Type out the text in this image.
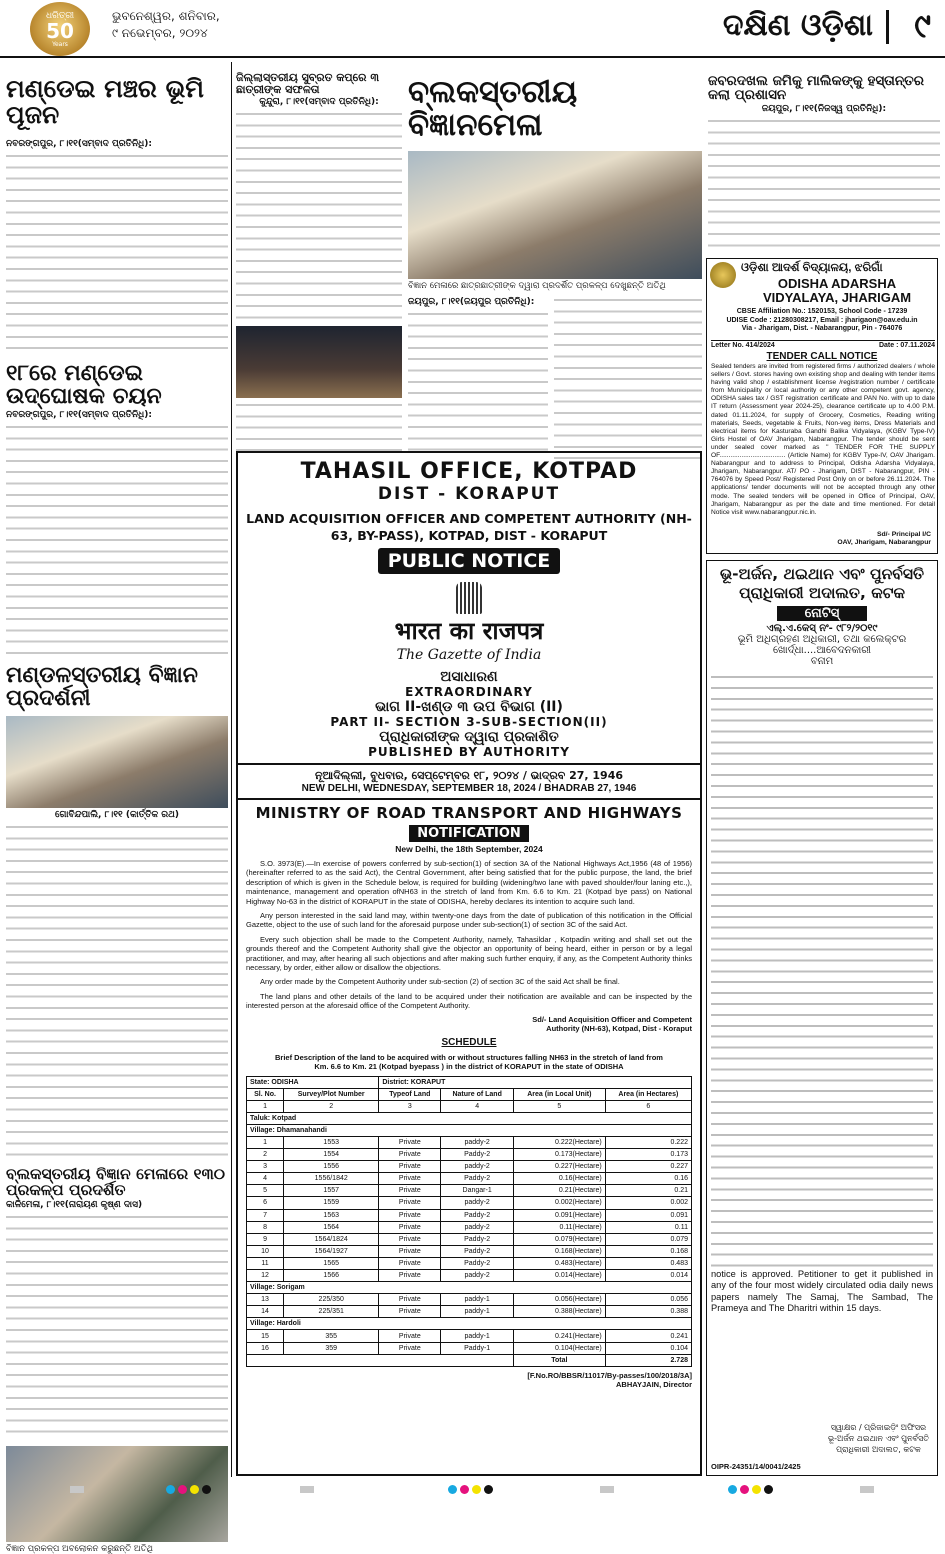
ଧରିତ୍ରୀ
50
Years
ଭୁବନେଶ୍ୱର, ଶନିବାର,
୯ ନଭେମ୍ବର, ୨୦୨୪	ଦକ୍ଷିଣ ଓଡ଼ିଶା ୯
ମଣ୍ଡେଇ ମଞ୍ଚର ଭୂମି ପୂଜନ
ନବରଙ୍ଗପୁର, ୮।୧୧(ସମ୍ବାଦ ପ୍ରତିନିଧି):
୧୮ରେ ମଣ୍ଡେଇ ଉଦ୍‌ଘୋଷକ ଚୟନ
ନବରଙ୍ଗପୁର, ୮।୧୧(ସମ୍ବାଦ ପ୍ରତିନିଧି):
ମଣ୍ଡଳସ୍ତରୀୟ ବିଜ୍ଞାନ ପ୍ରଦର୍ଶନୀ
ଗୋବିନ୍ଦପାଲି, ୮।୧୧ (କାର୍ତ୍ତିକ ରଥ)
ବ୍ଲକସ୍ତରୀୟ ବିଜ୍ଞାନ ମେଳାରେ ୧୩୦ ପ୍ରକଳ୍ପ ପ୍ରଦର୍ଶିତ
କାଳିମେଳା, ୮।୧୧(ନାରାୟଣ କୃଷ୍ଣ ଦାସ)
ବିଜ୍ଞାନ ପ୍ରକଳ୍ପ ଅବଲୋକନ କରୁଛନ୍ତି ଅତିଥି
ଜିଲ୍ଲାସ୍ତରୀୟ ସୁବ୍ରତ କପ୍‌ରେ ୩ ଛାତ୍ରୀଙ୍କ ସଫଳତା
କୁନ୍ଦୁରା, ୮।୧୧(ସମ୍ବାଦ ପ୍ରତିନିଧି): ବ୍ଲକସ୍ତରୀୟ ବିଜ୍ଞାନମେଳା
ବିଜ୍ଞାନ ମେଳାରେ ଛାତ୍ରଛାତ୍ରୀଙ୍କ ଦ୍ୱାରା ପ୍ରଦର୍ଶିତ ପ୍ରକଳ୍ପ ଦେଖୁଛନ୍ତି ଅତିଥି
ଜୟପୁର, ୮।୧୧(ଜୟପୁର ପ୍ରତିନିଧି):
TAHASIL OFFICE, KOTPAD
DIST - KORAPUT
LAND ACQUISITION OFFICER AND COMPETENT AUTHORITY (NH-63, BY-PASS), KOTPAD, DIST - KORAPUT
PUBLIC NOTICE
भारत का राजपत्र
The Gazette of India
ଅସାଧାରଣ
EXTRAORDINARY
ଭାଗ II-ଖଣ୍ଡ ୩ ଉପ ବିଭାଗ (II)
PART II- SECTION 3-SUB-SECTION(II)
ପ୍ରାଧିକାରୀଙ୍କ ଦ୍ୱାରା ପ୍ରକାଶିତ
PUBLISHED BY AUTHORITY
ନୂଆଦିଲ୍ଲୀ, ବୁଧବାର, ସେପ୍ଟେମ୍ବର ୧୮, ୨୦୨୪ / ଭାଦ୍ରବ 27, 1946
NEW DELHI, WEDNESDAY, SEPTEMBER 18, 2024 / BHADRAB 27, 1946
MINISTRY OF ROAD TRANSPORT AND HIGHWAYS
NOTIFICATION
New Delhi, the 18th September, 2024
S.O. 3973(E).—In exercise of powers conferred by sub-section(1) of section 3A of the National Highways Act,1956 (48 of 1956) (hereinafter referred to as the said Act), the Central Government, after being satisfied that for the public purpose, the land, the brief description of which is given in the Schedule below, is required for building (widening/two lane with paved shoulder/four laning etc.,), maintenance, management and operation ofNH63 in the stretch of land from Km. 6.6 to Km. 21 (Kotpad bye pass) on National Highway No-63 in the district of KORAPUT in the state of ODISHA, hereby declares its intention to acquire such land.
Any person interested in the said land may, within twenty-one days from the date of publication of this notification in the Official Gazette, object to the use of such land for the aforesaid purpose under sub-section(1) of section 3C of the said Act.
Every such objection shall be made to the Competent Authority, namely, Tahasildar , Kotpadin writing and shall set out the grounds thereof and the Competent Authority shall give the objector an opportunity of being heard, either in person or by a legal practitioner, and may, after hearing all such objections and after making such further enquiry, if any, as the Competent Authority thinks necessary, by order, either allow or disallow the objections.
Any order made by the Competent Authority under sub-section (2) of section 3C of the said Act shall be final.
The land plans and other details of the land to be acquired under their notification are available and can be inspected by the interested person at the aforesaid office of the Competent Authority.
Sd/- Land Acquisition Officer and Competent
Authority (NH-63), Kotpad, Dist - Koraput
SCHEDULE
Brief Description of the land to be acquired with or without structures falling NH63 in the stretch of land from Km. 6.6 to Km. 21 (Kotpad byepass ) in the district of KORAPUT in the state of ODISHA
State: ODISHA		District: KORAPUT			
Sl. No.	Survey/Plot Number	Typeof Land	Nature of Land	Area (in Local Unit)	Area (in Hectares)
1	2	3	4	5	6
Taluk: Kotpad					
Village: Dhamanahandi					
1	1553	Private	paddy-2	0.222(Hectare)	0.222
2	1554	Private	Paddy-2	0.173(Hectare)	0.173
3	1556	Private	paddy-2	0.227(Hectare)	0.227
4	1556/1842	Private	Paddy-2	0.16(Hectare)	0.16
5	1557	Private	Dangar-1	0.21(Hectare)	0.21
6	1559	Private	paddy-2	0.002(Hectare)	0.002
7	1563	Private	Paddy-2	0.091(Hectare)	0.091
8	1564	Private	paddy-2	0.11(Hectare)	0.11
9	1564/1824	Private	Paddy-2	0.079(Hectare)	0.079
10	1564/1927	Private	Paddy-2	0.168(Hectare)	0.168
11	1565	Private	Paddy-2	0.483(Hectare)	0.483
12	1566	Private	paddy-2	0.014(Hectare)	0.014
Village: Sorigam					
13	225/350	Private	paddy-1	0.056(Hectare)	0.056
14	225/351	Private	paddy-1	0.388(Hectare)	0.388
Village: Hardoli					
15	355	Private	paddy-1	0.241(Hectare)	0.241
16	359	Private	Paddy-1	0.104(Hectare)	0.104
				Total	2.728
[F.No.RO/BBSR/11017/By-passes/100/2018/3A]
ABHAYJAIN, Director
ଜବରଦଖଲ ଜମିକୁ ମାଲିକଙ୍କୁ ହସ୍ତାନ୍ତର କଲା ପ୍ରଶାସନ
ଜୟପୁର, ୮।୧୧(ନିଜସ୍ୱ ପ୍ରତିନିଧି):
ଓଡ଼ିଶା ଆଦର୍ଶ ବିଦ୍ୟାଳୟ, ଝରିଗାଁ
ODISHA ADARSHA VIDYALAYA, JHARIGAM
CBSE Affiliation No.: 1520153, School Code - 17239
UDISE Code : 21280308217, Email : jharigaon@oav.edu.in
Via - Jharigam, Dist. - Nabarangpur, Pin - 764076
Letter No. 414/2024	Date : 07.11.2024
TENDER CALL NOTICE
Sealed tenders are invited from registered firms / authorized dealers / whole sellers / Govt. stores having own existing shop and dealing with tender items having valid shop / establishment license /registration number / certificate from Municipality or local authority or any other competent govt. agency, ODISHA sales tax / GST registration certificate and PAN No. with up to date IT return (Assessment year 2024-25), clearance certificate up to 4.00 P.M. dated 01.11.2024, for supply of Grocery, Cosmetics, Reading writing materials, Seeds, vegetable & Fruits, Non-veg items, Dress Materials and electrical items for Kasturaba Gandhi Balika Vidyalaya, (KGBV Type-IV) Girls Hostel of OAV Jharigam, Nabarangpur. The tender should be sent under sealed cover marked as " TENDER FOR THE SUPPLY OF.................................... (Article Name) for KGBV Type-IV, OAV Jharigam. Nabarangpur and to address to Principal, Odisha Adarsha Vidyalaya, Jharigam, Nabarangpur. AT/ PO - Jharigam, DIST - Nabarangpur, PIN - 764076 by Speed Post/ Registered Post Only on or before 26.11.2024. The applications/ tender documents will not be accepted through any other mode. The sealed tenders will be opened in Office of Principal, OAV, Jharigam, Nabarangpur as per the date and time mentioned. For detail Notice visit www.nabarangpur.nic.in.
Sd/- Principal I/C
OAV, Jharigam, Nabarangpur
ଭୂ-ଅର୍ଜନ, ଥଇଥାନ ଏବଂ ପୁନର୍ବସତି ପ୍ରାଧିକାରୀ ଅଦାଲତ, କଟକ
ନୋଟିସ୍
ଏଲ୍.ଏ.କେସ୍ ନଂ- ୯୮୨/୨୦୧୯
ଭୂମି ଅଧିଗ୍ରହଣ ଅଧିକାରୀ, ତଥା କଲେକ୍ଟର ଖୋର୍ଦ୍ଧା....ଆବେଦନକାରୀ
ବନାମ
notice is approved. Petitioner to get it published in any of the four most widely circulated odia daily news papers namely The Samaj, The Sambad, The Prameya and The Dharitri within 15 days.
ସ୍ୱାକ୍ଷର / ପ୍ରିଜାଇଡ଼ିଂ ଅଫିସର
ଭୂ-ଅର୍ଜନ ଥଇଥାନ ଏବଂ ପୁନର୍ବସତି
ପ୍ରାଧିକାରୀ ଅଦାଲତ, କଟକ
OIPR-24351/14/0041/2425
